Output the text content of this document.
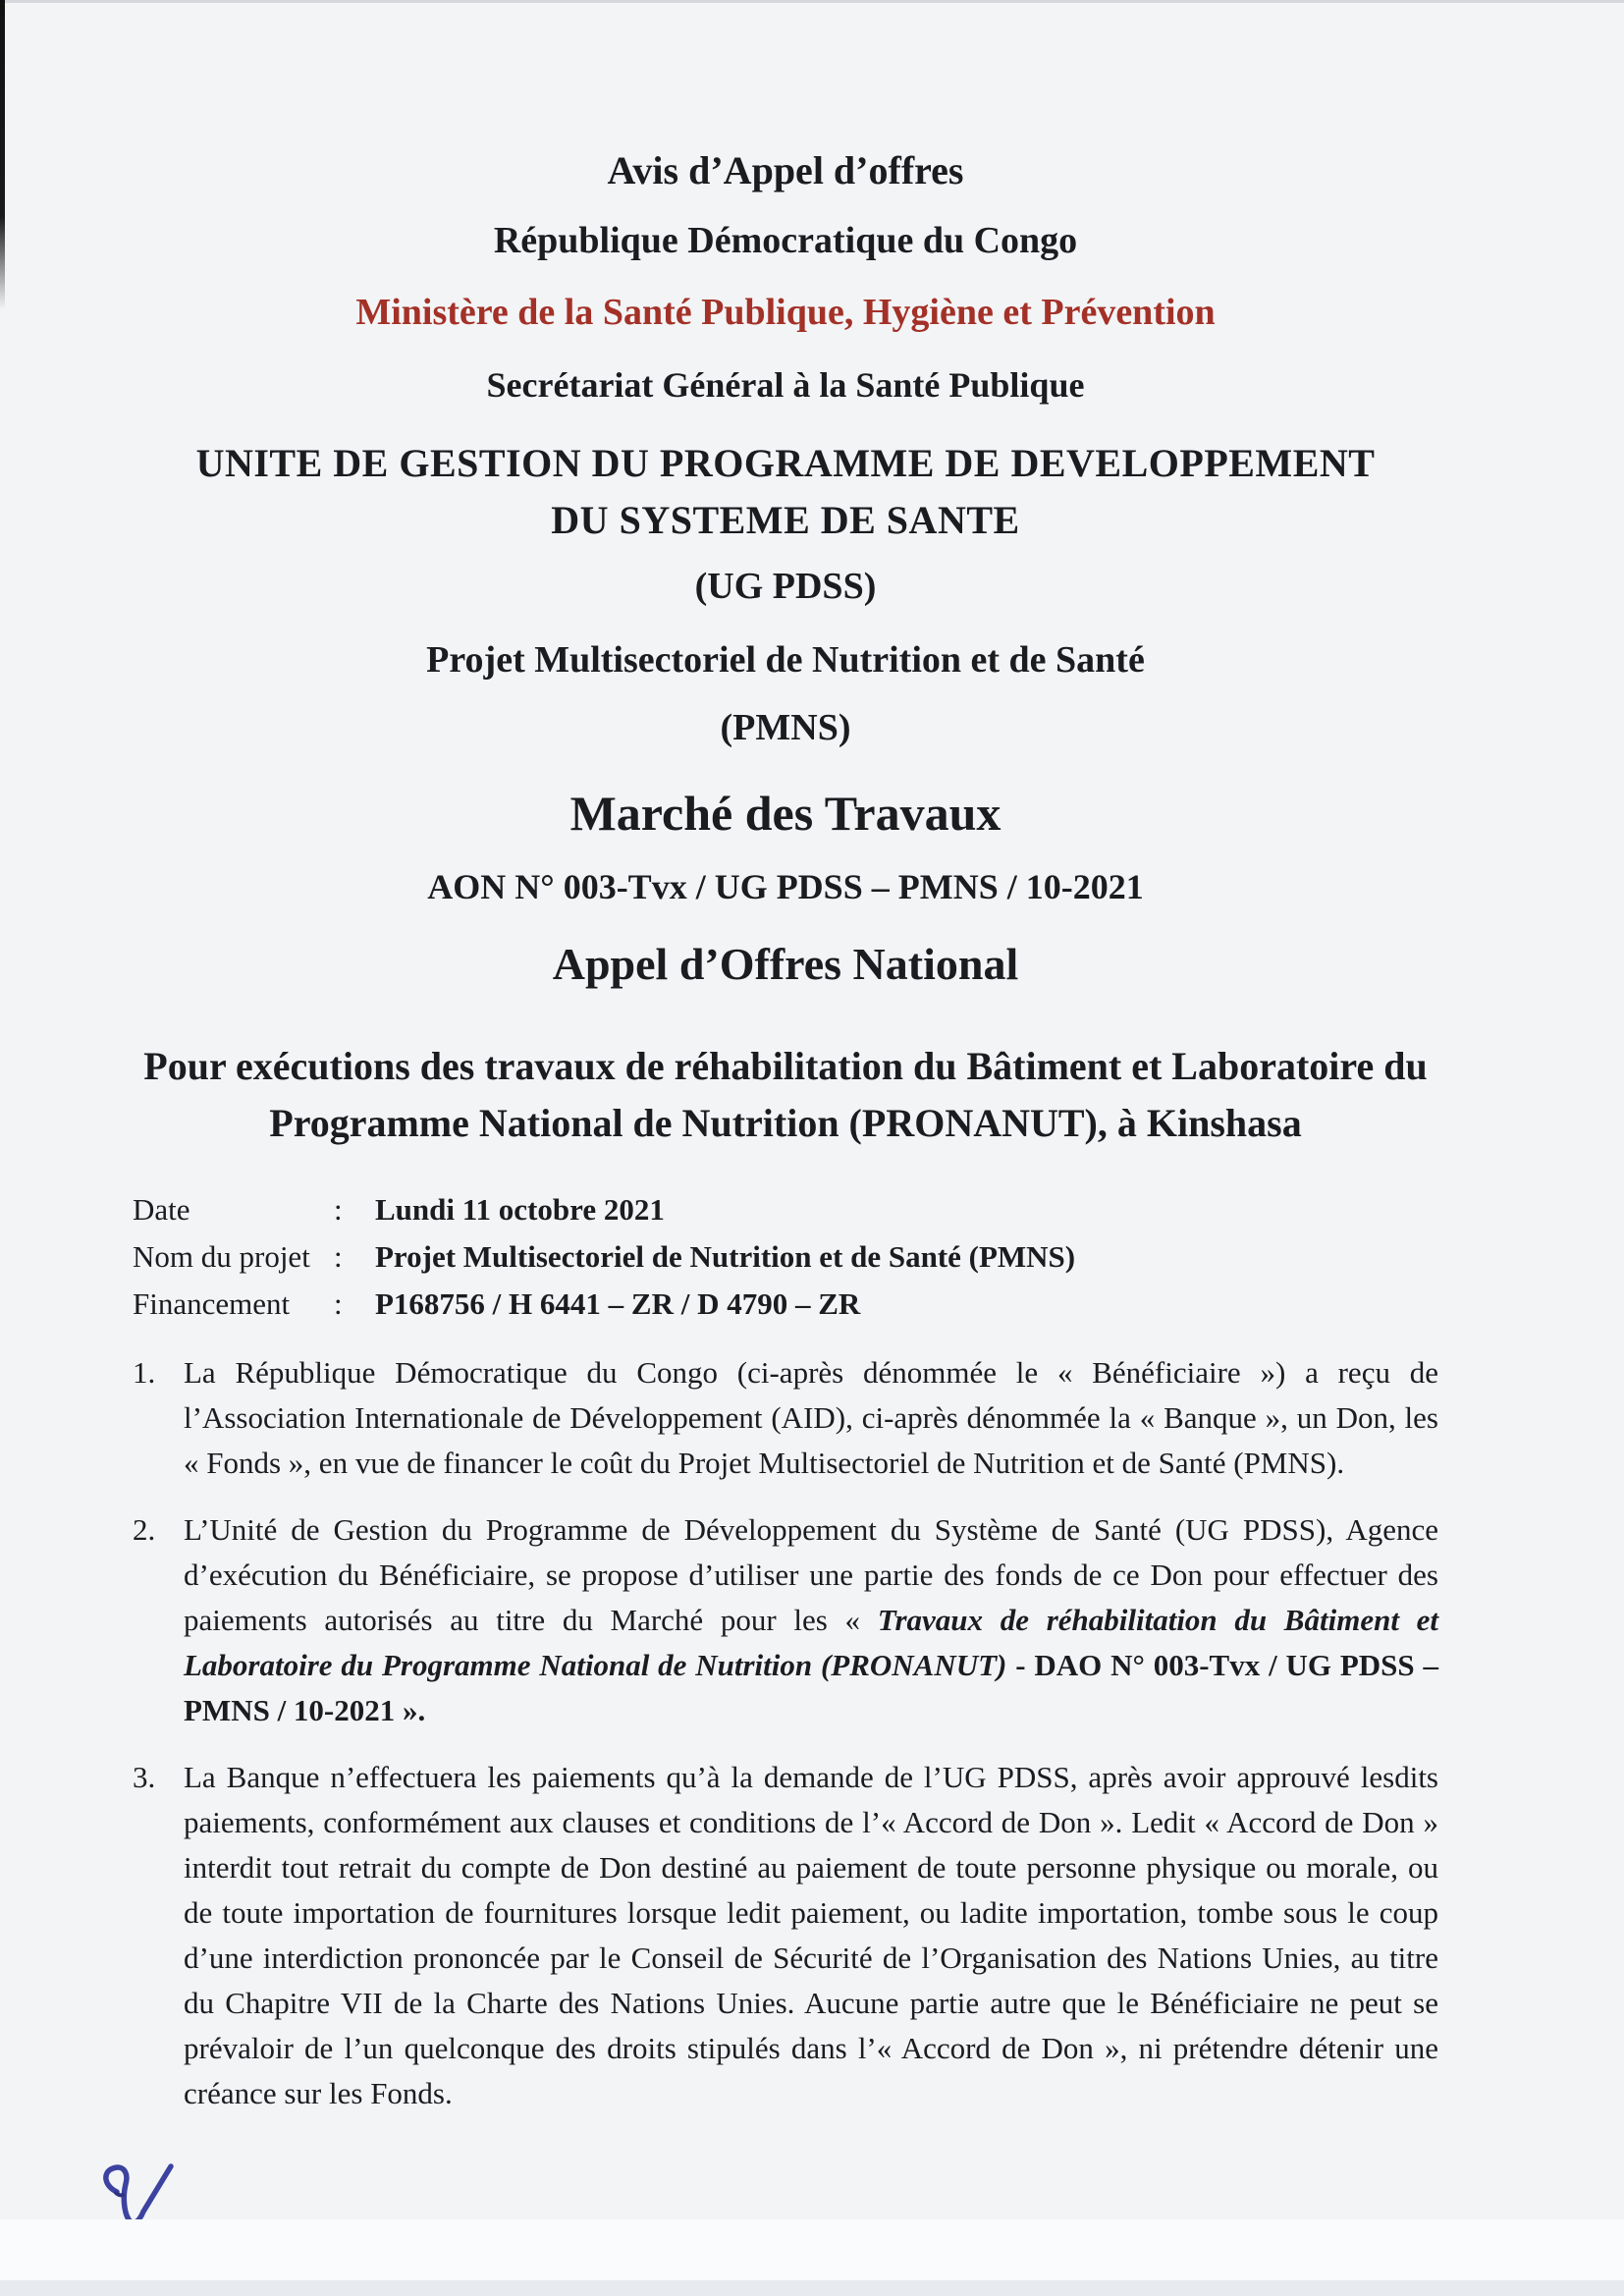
Avis d’Appel d’offres
République Démocratique du Congo
Ministère de la Santé Publique, Hygiène et Prévention
Secrétariat Général à la Santé Publique
UNITE DE GESTION DU PROGRAMME DE DEVELOPPEMENT
DU SYSTEME DE SANTE
(UG PDSS)
Projet Multisectoriel de Nutrition et de Santé
(PMNS)
Marché des Travaux
AON N° 003-Tvx / UG PDSS – PMNS / 10-2021
Appel d’Offres National
Pour exécutions des travaux de réhabilitation du Bâtiment et Laboratoire du Programme National de Nutrition (PRONANUT), à Kinshasa
Date	:	Lundi 11 octobre 2021
Nom du projet :	Projet Multisectoriel de Nutrition et de Santé (PMNS)
Financement	:	P168756 / H 6441 – ZR / D 4790 – ZR
1. La République Démocratique du Congo (ci-après dénommée le « Bénéficiaire ») a reçu de l’Association Internationale de Développement (AID), ci-après dénommée la « Banque », un Don, les « Fonds », en vue de financer le coût du Projet Multisectoriel de Nutrition et de Santé (PMNS).
2. L’Unité de Gestion du Programme de Développement du Système de Santé (UG PDSS), Agence d’exécution du Bénéficiaire, se propose d’utiliser une partie des fonds de ce Don pour effectuer des paiements autorisés au titre du Marché pour les « Travaux de réhabilitation du Bâtiment et Laboratoire du Programme National de Nutrition (PRONANUT) - DAO N° 003-Tvx / UG PDSS – PMNS / 10-2021 ».
3. La Banque n’effectuera les paiements qu’à la demande de l’UG PDSS, après avoir approuvé lesdits paiements, conformément aux clauses et conditions de l’« Accord de Don ». Ledit « Accord de Don » interdit tout retrait du compte de Don destiné au paiement de toute personne physique ou morale, ou de toute importation de fournitures lorsque ledit paiement, ou ladite importation, tombe sous le coup d’une interdiction prononcée par le Conseil de Sécurité de l’Organisation des Nations Unies, au titre du Chapitre VII de la Charte des Nations Unies. Aucune partie autre que le Bénéficiaire ne peut se prévaloir de l’un quelconque des droits stipulés dans l’« Accord de Don », ni prétendre détenir une créance sur les Fonds.
